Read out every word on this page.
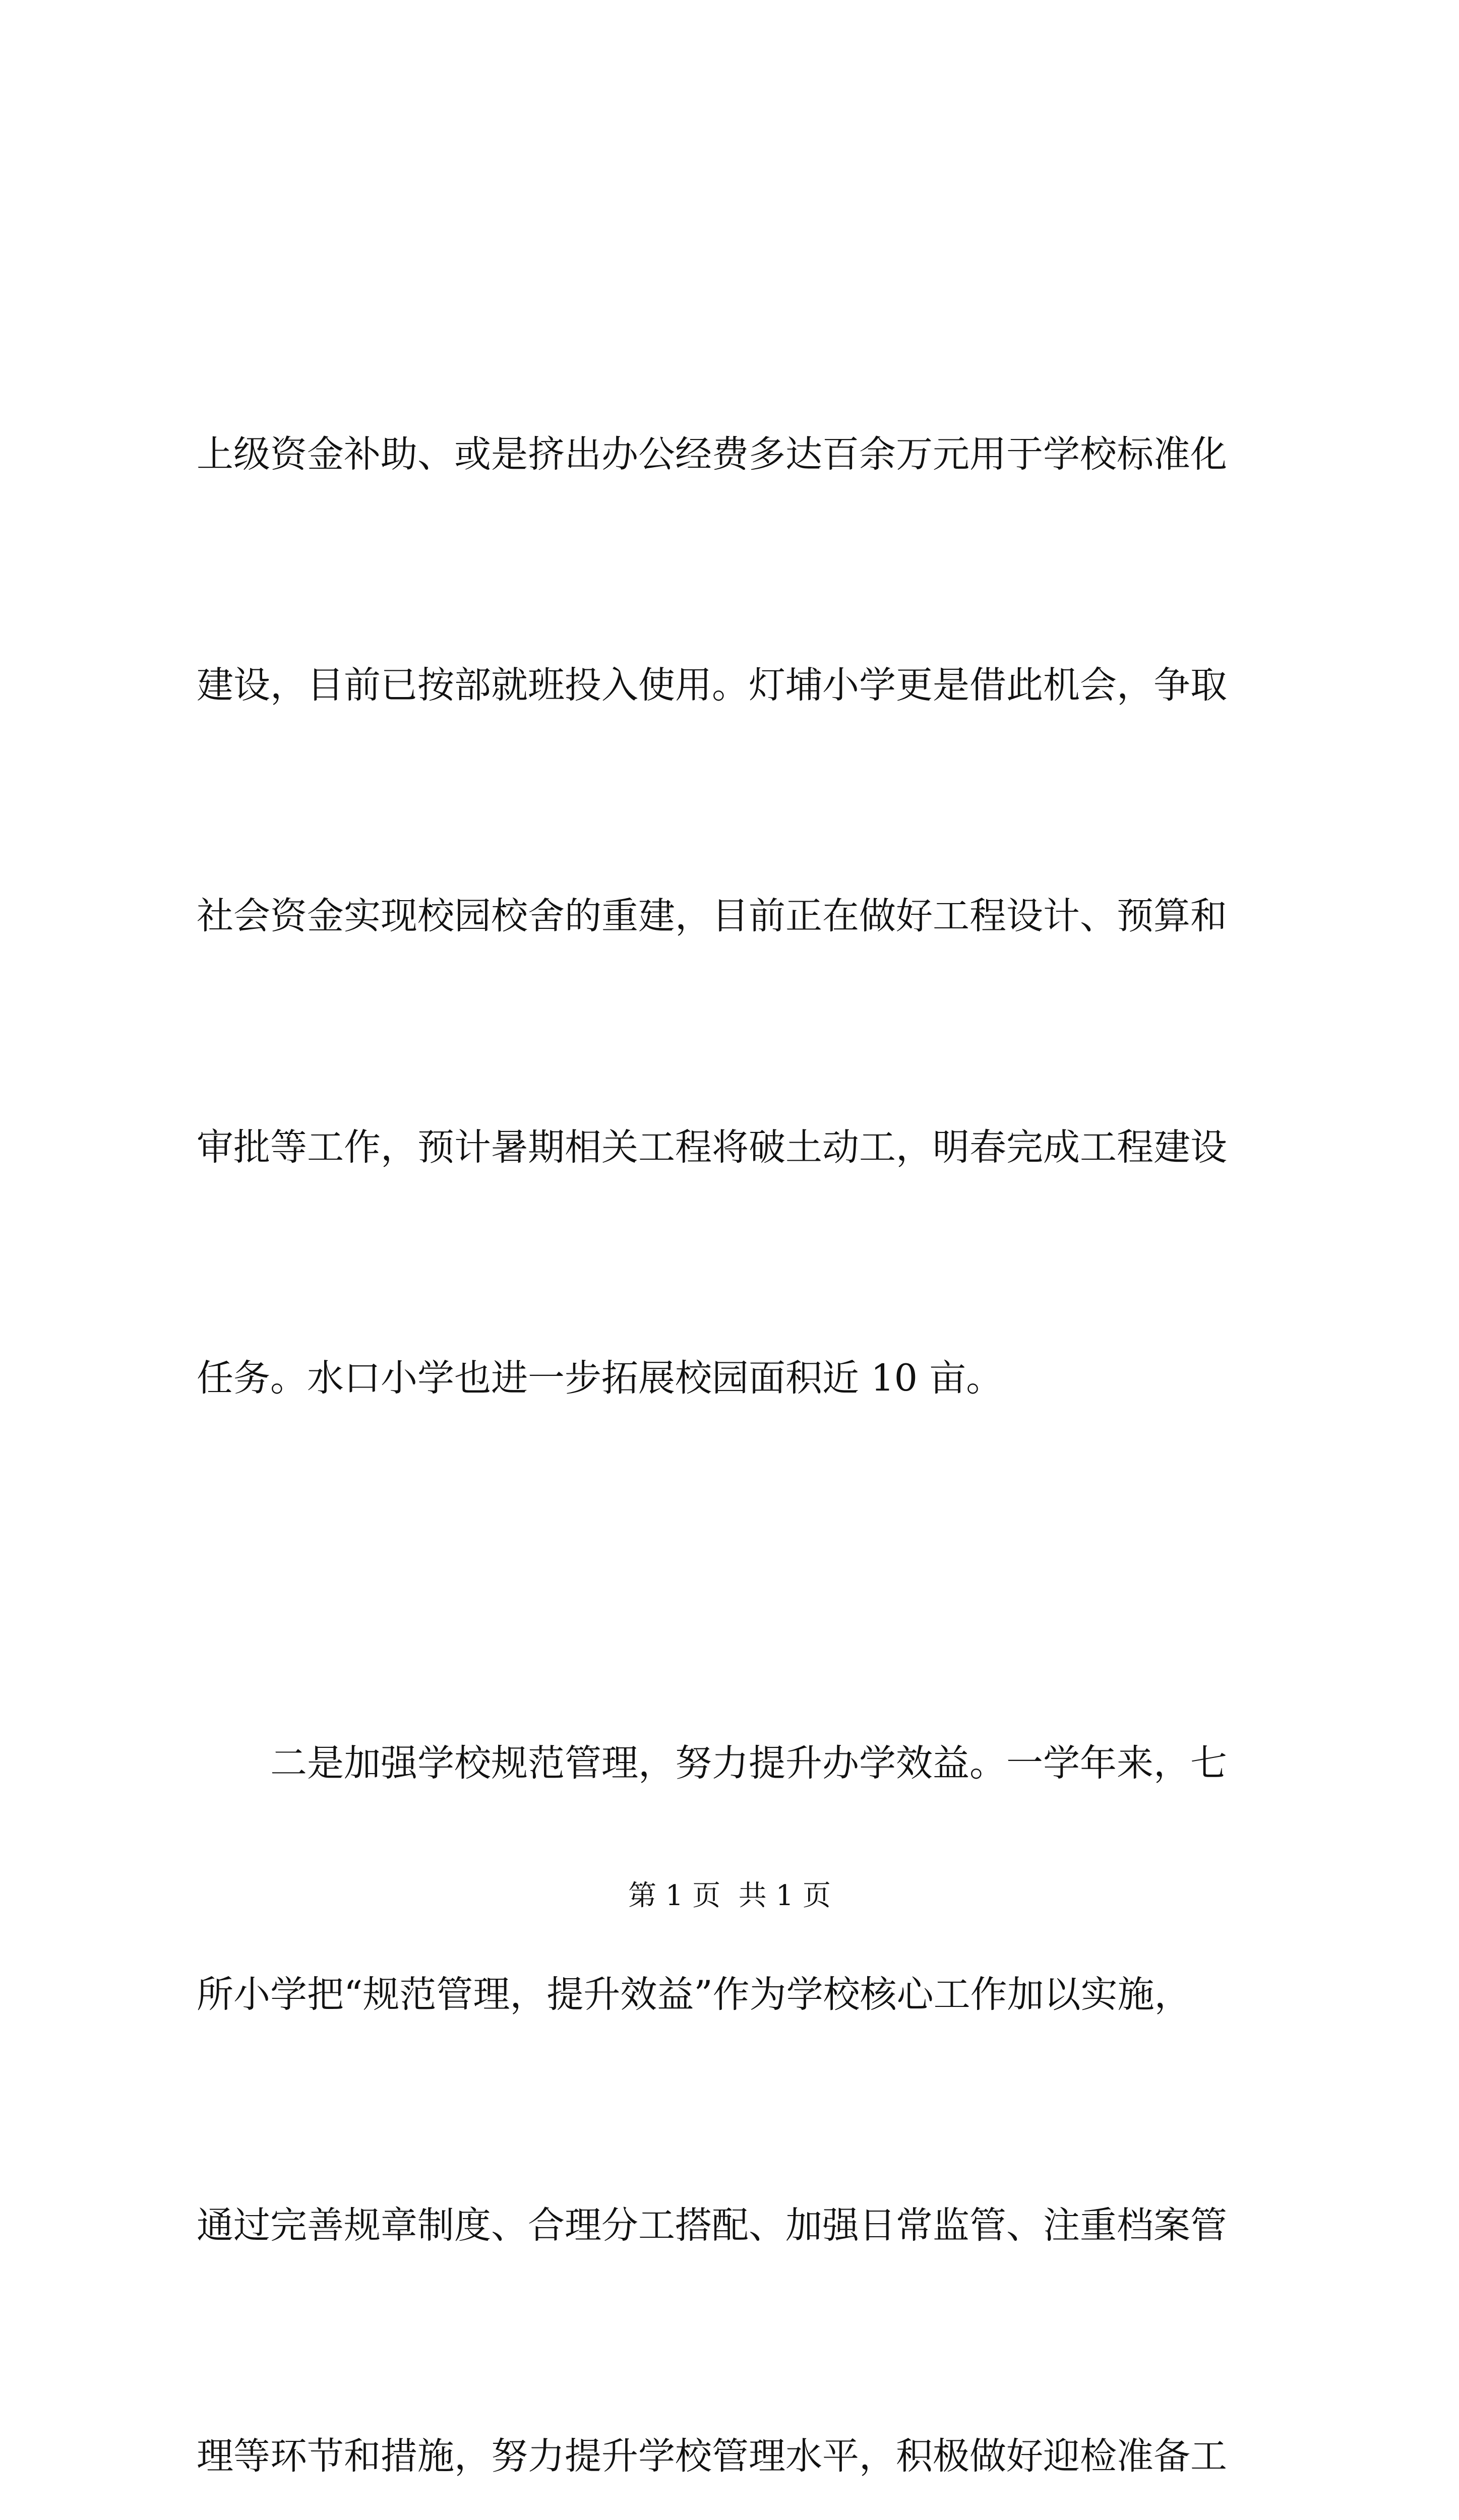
上级资金补助、或是挤出办公经费多达百余万元用于学校标准化

建设，目前已按部就班投入使用。灯埔小学更是借此机会，争取

社会资金实现校园校舍的重建，目前正在做好工程设计、预算和

审批等工作，预计暑期相关工程将破土动工，明春完成工程建设

任务。水口小学也进一步拓展校园面积近 10 亩。

二是加强学校规范管理，努力提升办学效益。一学年来，七

所小学把“规范管理，提升效益”作为学校核心工作加以实施，

通过完善规章制度、合理分工搭配、加强日常监管、注重档案管

理等环节和措施，努力提升学校管理水平，积极做好迎检准备工

第 1 页  共 1 页
